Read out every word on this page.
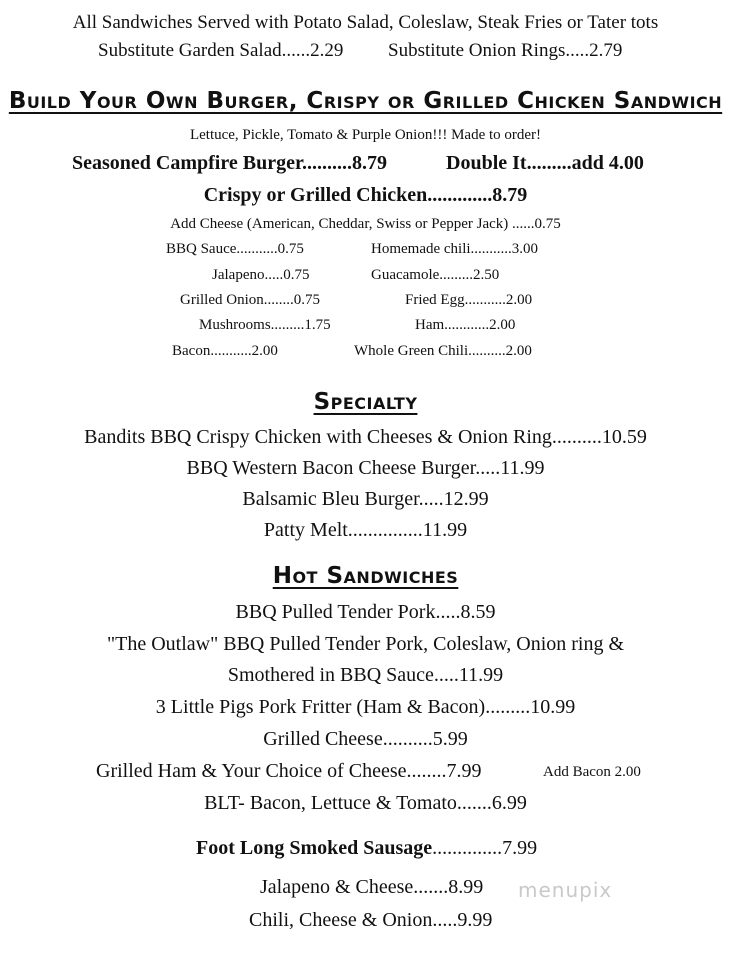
All Sandwiches Served with Potato Salad, Coleslaw, Steak Fries or Tater tots
Substitute Garden Salad......2.29 Substitute Onion Rings.....2.79
Build Your Own Burger, Crispy or Grilled Chicken Sandwich
Lettuce, Pickle, Tomato & Purple Onion!!! Made to order!
Seasoned Campfire Burger..........8.79	Double It.........add 4.00
Crispy or Grilled Chicken.............8.79
Add Cheese (American, Cheddar, Swiss or Pepper Jack) ......0.75
BBQ Sauce...........0.75	Homemade chili...........3.00
Jalapeno.....0.75	Guacamole.........2.50
Grilled Onion........0.75	Fried Egg...........2.00
Mushrooms.........1.75	Ham............2.00
Bacon...........2.00	Whole Green Chili..........2.00
Specialty
Bandits BBQ Crispy Chicken with Cheeses & Onion Ring..........10.59
BBQ Western Bacon Cheese Burger.....11.99
Balsamic Bleu Burger.....12.99
Patty Melt...............11.99
Hot Sandwiches
BBQ Pulled Tender Pork.....8.59
"The Outlaw" BBQ Pulled Tender Pork, Coleslaw, Onion ring &
Smothered in BBQ Sauce.....11.99
3 Little Pigs Pork Fritter (Ham & Bacon).........10.99
Grilled Cheese..........5.99
Grilled Ham & Your Choice of Cheese........7.99	Add Bacon 2.00
BLT- Bacon, Lettuce & Tomato.......6.99
Foot Long Smoked Sausage..............7.99
Jalapeno & Cheese.......8.99 menupix
Chili, Cheese & Onion.....9.99
